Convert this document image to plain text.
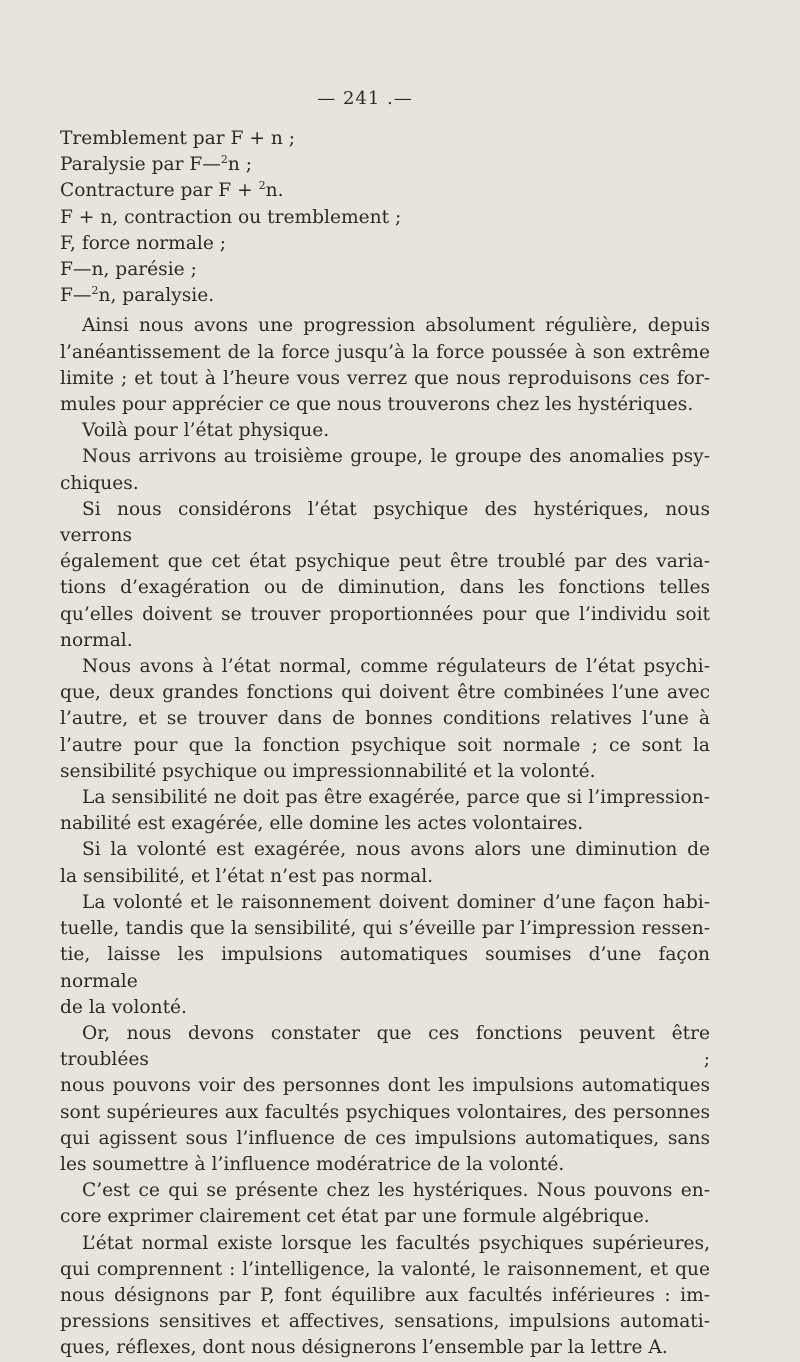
— 241 .—

Tremblement par F + n ;

Paralysie par F—$^2$n ;

Contracture par F + $^2$n.

F + n, contraction ou tremblement ;

F, force normale ;

F—n, parésie ;

F—$^2$n, paralysie.

Ainsi nous avons une progression absolument régulière, depuis
l’anéantissement de la force jusqu’à la force poussée à son extrême
limite ; et tout à l’heure vous verrez que nous reproduisons ces for-
mules pour apprécier ce que nous trouverons chez les hystériques.

Voilà pour l’état physique.

Nous arrivons au troisième groupe, le groupe des anomalies psy-
chiques.

Si nous considérons l’état psychique des hystériques, nous verrons
également que cet état psychique peut être troublé par des varia-
tions d’exagération ou de diminution, dans les fonctions telles
qu’elles doivent se trouver proportionnées pour que l’individu soit
normal.

Nous avons à l’état normal, comme régulateurs de l’état psychi-
que, deux grandes fonctions qui doivent être combinées l’une avec
l’autre, et se trouver dans de bonnes conditions relatives l’une à
l’autre pour que la fonction psychique soit normale ; ce sont la
sensibilité psychique ou impressionnabilité et la volonté.

La sensibilité ne doit pas être exagérée, parce que si l’impression-
nabilité est exagérée, elle domine les actes volontaires.

Si la volonté est exagérée, nous avons alors une diminution de
la sensibilité, et l’état n’est pas normal.

La volonté et le raisonnement doivent dominer d’une façon habi-
tuelle, tandis que la sensibilité, qui s’éveille par l’impression ressen-
tie, laisse les impulsions automatiques soumises d’une façon normale
de la volonté.

Or, nous devons constater que ces fonctions peuvent être troublées ;
nous pouvons voir des personnes dont les impulsions automatiques
sont supérieures aux facultés psychiques volontaires, des personnes
qui agissent sous l’influence de ces impulsions automatiques, sans
les soumettre à l’influence modératrice de la volonté.

C’est ce qui se présente chez les hystériques. Nous pouvons en-
core exprimer clairement cet état par une formule algébrique.

L’état normal existe lorsque les facultés psychiques supérieures,
qui comprennent : l’intelligence, la valonté, le raisonnement, et que
nous désignons par P, font équilibre aux facultés inférieures : im-
pressions sensitives et affectives, sensations, impulsions automati-
ques, réflexes, dont nous désignerons l’ensemble par la lettre A.
